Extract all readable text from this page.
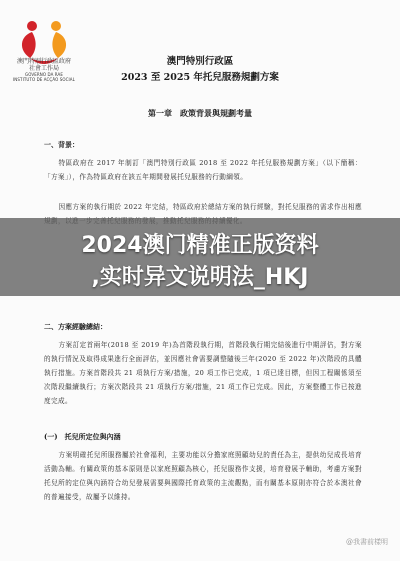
澳門特別行政區政府
社會工作局
GOVERNO DA RAE
INSTITUTO DE ACÇÃO SOCIAL
澳門特別行政區
2023 至 2025 年托兒服務規劃方案
第一章　政策背景與規劃考量
一、背景：
特區政府在 2017 年制訂「澳門特別行政區 2018 至 2022 年托兒服務規劃方案」（以下簡稱：「方案」），作為特區政府在該五年期間發展托兒服務的行動綱領。
因應方案的執行期於 2022 年完結，特區政府於總結方案的執行經驗，對托兒服務的需求作出相應
二、方案經驗總結：
方案訂定首兩年(2018 至 2019 年)為首階段執行期，首階段執行期完結後進行中期評估，對方案的執行情況及取得成果進行全面評估，並因應社會需要調整隨後三年(2020 至 2022 年)次階段的具體執行措施。方案首階段共 21 項執行方案/措施，20 項工作已完成，1 項已達目標，但因工程關係須至次階段繼續執行；方案次階段共 21 項執行方案/措施，21 項工作已完成。因此，方案整體工作已按進度完成。
(一)　托兒所定位與內涵
方案明確托兒所服務屬於社會福利，主要功能以分擔家庭照顧幼兒的責任為主，提供幼兒成長培育活動為輔。有關政策的基本原則是以家庭照顧為核心，托兒服務作支援，培育發展予輔助，考慮方案對托兒所的定位與內涵符合幼兒發展需要與國際托育政策的主流觀點，而有關基本原則亦符合於本澳社會的普遍接受，故屬予以維持。
2024澳门精准正版资料
,实时异文说明法_HKJ
@我書前樣明
